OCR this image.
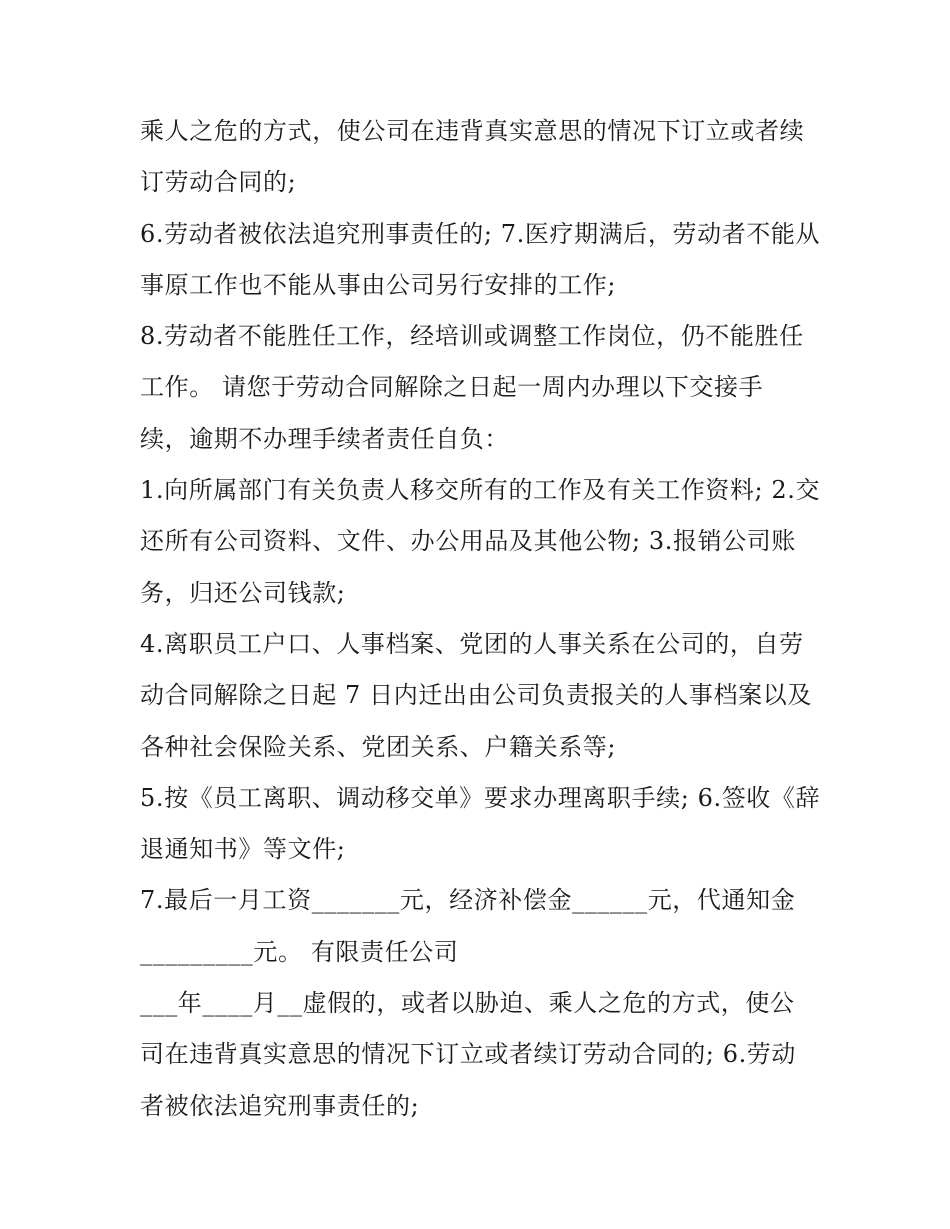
乘人之危的方式，使公司在违背真实意思的情况下订立或者续
订劳动合同的;
6.劳动者被依法追究刑事责任的; 7.医疗期满后，劳动者不能从
事原工作也不能从事由公司另行安排的工作;
8.劳动者不能胜任工作，经培训或调整工作岗位，仍不能胜任
工作。 请您于劳动合同解除之日起一周内办理以下交接手
续，逾期不办理手续者责任自负：
1.向所属部门有关负责人移交所有的工作及有关工作资料; 2.交
还所有公司资料、文件、办公用品及其他公物; 3.报销公司账
务，归还公司钱款;
4.离职员工户口、人事档案、党团的人事关系在公司的，自劳
动合同解除之日起 7 日内迁出由公司负责报关的人事档案以及
各种社会保险关系、党团关系、户籍关系等;
5.按《员工离职、调动移交单》要求办理离职手续; 6.签收《辞
退通知书》等文件;
7.最后一月工资_______元，经济补偿金______元，代通知金
_________元。 有限责任公司
___年____月__虚假的，或者以胁迫、乘人之危的方式，使公
司在违背真实意思的情况下订立或者续订劳动合同的; 6.劳动
者被依法追究刑事责任的;
